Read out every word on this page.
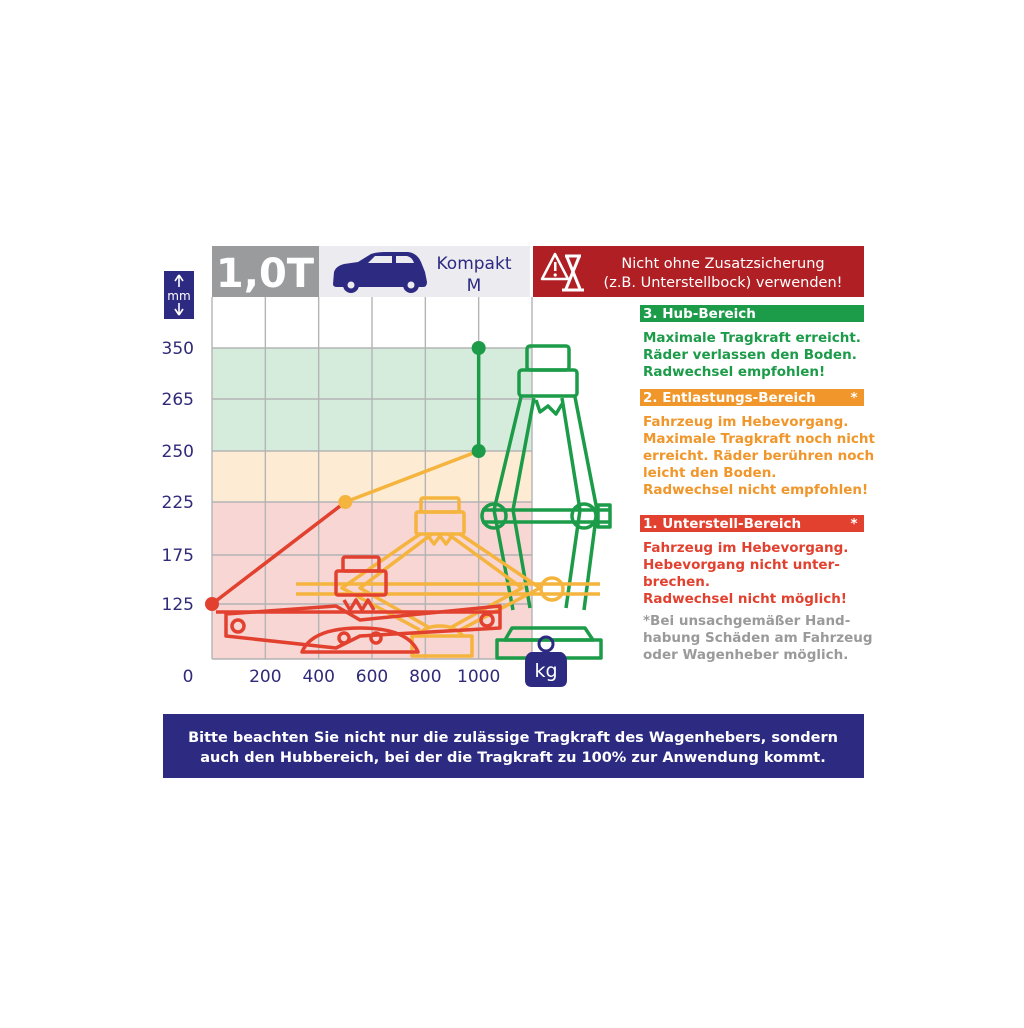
1,0T	Kompakt
M
Nicht ohne Zusatzsicherung
(z.B. Unterstellbock) verwenden!
kg
mm
0
125
175
225
250
265
350
200 400 600 800 1000
3. Hub-Bereich
Maximale Tragkraft erreicht.
Räder verlassen den Boden.
Radwechsel empfohlen!
2. Entlastungs-Bereich	*
Fahrzeug im Hebevorgang.
Maximale Tragkraft noch nicht
erreicht. Räder berühren noch
leicht den Boden.
Radwechsel nicht empfohlen!
1. Unterstell-Bereich	*
Fahrzeug im Hebevorgang.
Hebevorgang nicht unter-
brechen.
Radwechsel nicht möglich!
*Bei unsachgemäßer Hand-
habung Schäden am Fahrzeug
oder Wagenheber möglich.
Bitte beachten Sie nicht nur die zulässige Tragkraft des Wagenhebers, sondern
auch den Hubbereich, bei der die Tragkraft zu 100% zur Anwendung kommt.
